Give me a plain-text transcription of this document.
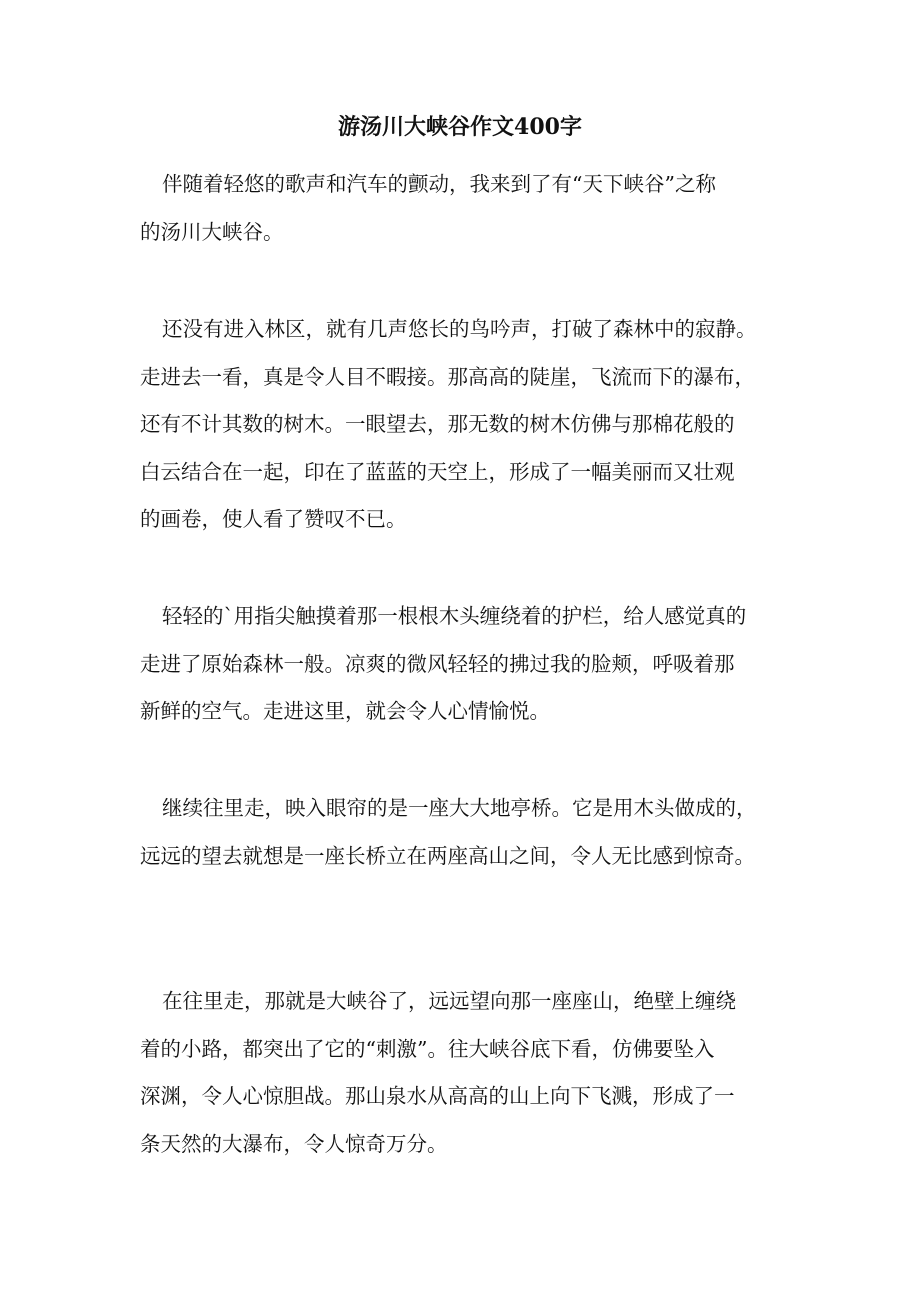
游汤川大峡谷作文400字
伴随着轻悠的歌声和汽车的颤动，我来到了有“天下峡谷”之称
的汤川大峡谷。
还没有进入林区，就有几声悠长的鸟吟声，打破了森林中的寂静。
走进去一看，真是令人目不暇接。那高高的陡崖，飞流而下的瀑布，
还有不计其数的树木。一眼望去，那无数的树木仿佛与那棉花般的
白云结合在一起，印在了蓝蓝的天空上，形成了一幅美丽而又壮观
的画卷，使人看了赞叹不已。
轻轻的`用指尖触摸着那一根根木头缠绕着的护栏，给人感觉真的
走进了原始森林一般。凉爽的微风轻轻的拂过我的脸颊，呼吸着那
新鲜的空气。走进这里，就会令人心情愉悦。
继续往里走，映入眼帘的是一座大大地亭桥。它是用木头做成的，
远远的望去就想是一座长桥立在两座高山之间，令人无比感到惊奇。
在往里走，那就是大峡谷了，远远望向那一座座山，绝壁上缠绕
着的小路，都突出了它的“刺激”。往大峡谷底下看，仿佛要坠入
深渊，令人心惊胆战。那山泉水从高高的山上向下飞溅，形成了一
条天然的大瀑布，令人惊奇万分。
